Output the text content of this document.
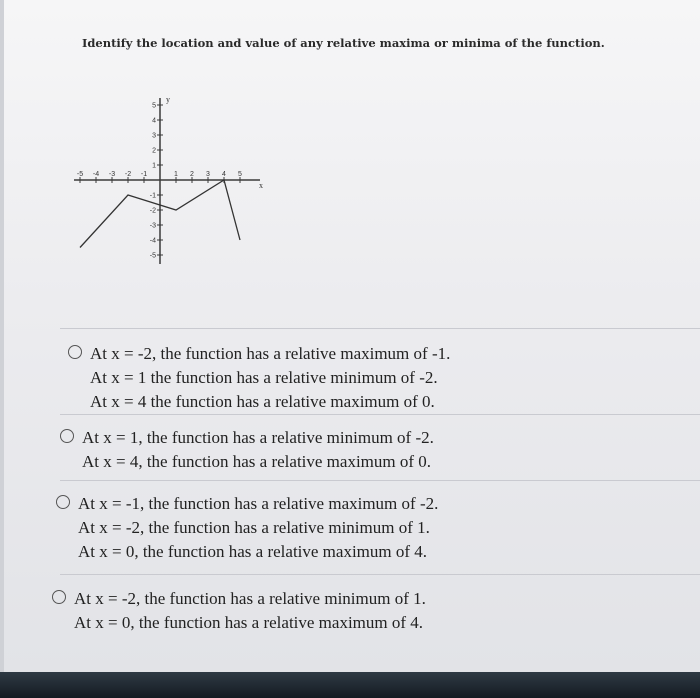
Identify the location and value of any relative maxima or minima of the function.
y
x
-5 -4 -3 -2 -1	1 2 3 4 5
1
2
3
4
5
-1
-2
-3
-4
-5
At x = -2, the function has a relative maximum of -1.
At x = 1 the function has a relative minimum of -2.
At x = 4 the function has a relative maximum of 0.
At x = 1, the function has a relative minimum of -2.
At x = 4, the function has a relative maximum of 0.
At x = -1, the function has a relative maximum of -2.
At x = -2, the function has a relative minimum of 1.
At x = 0, the function has a relative maximum of 4.
At x = -2, the function has a relative minimum of 1.
At x = 0, the function has a relative maximum of 4.
